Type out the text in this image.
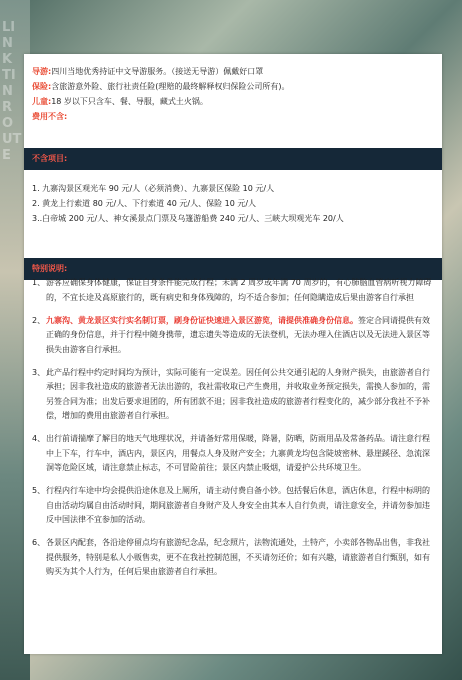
LINK TIN ROUTE
导游:四川当地优秀持证中文导游服务。（接送无导游）佩戴好口罩
保险:含旅游意外险、旅行社责任险(理赔的最终解释权归保险公司所有)。
儿童:18 岁以下只含车、餐、导服，藏式土火锅。
费用不含:
不含项目:
1. 九寨沟景区观光车 90 元/人（必须消费）、九寨景区保险 10 元/人
2. 黄龙上行索道 80 元/人、下行索道 40 元/人、保险 10 元/人
3..白帝城 200 元/人、神女溪景点门票及乌篷游船费 240 元/人、三峡大坝观光车 20/人
特别说明:
1、 游客应确保身体健康，保证自身条件能完成行程；未满 2 周岁或年满 70 周岁的，有心肺脑血管病听视力障碍的，不宜长途及高原旅行的，既有病史和身体残障的，均不适合参加；任何隐瞒造成后果由游客自行承担
2、 九寨沟、黄龙景区实行实名制订票，刷身份证快速进入景区游览，请提供准确身份信息。签定合同请提供有效正确的身份信息，并于行程中随身携带，遗忘遗失等造成的无法登机，无法办理入住酒店以及无法进入景区等损失由游客自行承担。
3、 此产品行程中约定时间均为预计，实际可能有一定误差。因任何公共交通引起的人身财产损失，由旅游者自行承担；因非我社造成的旅游者无法出游的，我社需收取已产生费用，并收取业务预定损失，需换人参加的，需另签合同为准；出发后要求退团的，所有团款不退；因非我社造成的旅游者行程变化的，减少部分我社不予补偿，增加的费用由旅游者自行承担。
4、 出行前请揣摩了解目的地天气地理状况，并请备好常用保暖，降暑，防晒，防雨用品及常备药品。请注意行程中上下车，行车中，酒店内，景区内，用餐点人身及财产安全；九寨黄龙均包含陡坡密林、悬崖蹊径、急流深洞等危险区域，请注意禁止标志，不可冒险前往；景区内禁止吸烟，请爱护公共环境卫生。
5、 行程内行车途中均会提供沿途休息及上厕所，请主动付费自备小钞。包括餐后休息，酒店休息，行程中标明的自由活动均属自由活动时间，期间旅游者自身财产及人身安全由其本人自行负责，请注意安全，并请勿参加违反中国法律不宜参加的活动。
6、 各景区内配套，各沿途停留点均有旅游纪念品，纪念照片，法物流通处，土特产，小卖部各物品出售，非我社提供服务，特别是私人小贩售卖，更不在我社控制范围，不买请勿还价；如有兴趣，请旅游者自行甄别，如有购买为其个人行为，任何后果由旅游者自行承担。
